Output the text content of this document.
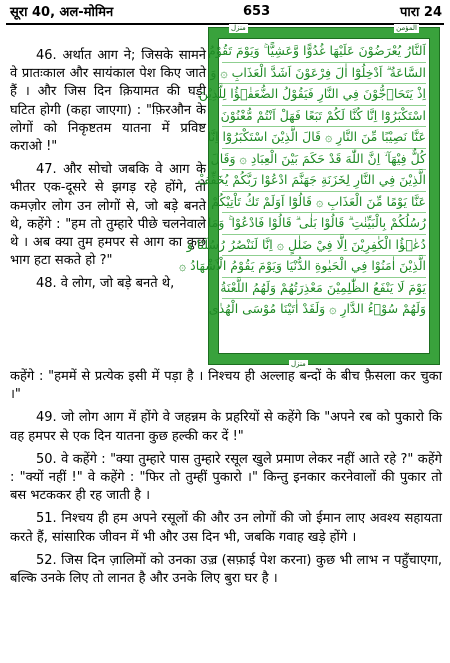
सूरा 40, अल-मोमिन	653	पारा 24

46. अर्थात आग ने; जिसके सामने वे प्रातःकाल और सायंकाल पेश किए जाते हैं । और जिस दिन क़ियामत की घड़ी घटित होगी (कहा जाएगा) : "फ़िरऔन के लोगों को निकृष्टतम यातना में प्रविष्ट कराओ !"

47. और सोचो जबकि वे आग के भीतर एक-दूसरे से झगड़ रहे होंगे, तो कमज़ोर लोग उन लोगों से, जो बड़े बनते थे, कहेंगे : "हम तो तुम्हारे पीछे चलनेवाले थे । अब क्या तुम हमपर से आग का कुछ भाग हटा सकते हो ?"

48. वे लोग, जो बड़े बनते थे,

منزل	المؤمن
اَلنَّارُ يُعْرَضُوْنَ عَلَيْهَا غُدُوًّا وَّعَشِيًّا ۚ وَيَوْمَ تَقُوْمُ
السَّاعَةُ ۗ اَدْخِلُوْٓا اٰلَ فِرْعَوْنَ اَشَدَّ الْعَذَابِ ۞ وَ
اِذْ يَتَحَاۗجُّوْنَ فِي النَّارِ فَيَقُوْلُ الضُّعَفٰۗؤُا لِلَّذِيْنَ
اسْتَكْبَرُوْٓا اِنَّا كُنَّا لَكُمْ تَبَعًا فَهَلْ اَنْتُمْ مُّغْنُوْنَ
عَنَّا نَصِيْبًا مِّنَ النَّارِ ۞ قَالَ الَّذِيْنَ اسْتَكْبَرُوْٓا اِنَّا
كُلٌّ فِيْهَآ ۙ اِنَّ اللّٰهَ قَدْ حَكَمَ بَيْنَ الْعِبَادِ ۞ وَقَالَ
الَّذِيْنَ فِي النَّارِ لِخَزَنَةِ جَهَنَّمَ ادْعُوْا رَبَّكُمْ يُخَفِّفْ
عَنَّا يَوْمًا مِّنَ الْعَذَابِ ۞ قَالُوْٓا اَوَلَمْ تَكُ تَاْتِيْكُمْ
رُسُلُكُمْ بِالْبَيِّنٰتِ ۗ قَالُوْا بَلٰى ۗ قَالُوْا فَادْعُوْا ۚ وَمَا
دُعٰۗؤُا الْكٰفِرِيْنَ اِلَّا فِيْ ضَلٰلٍ ۞ اِنَّا لَنَنْصُرُ رُسُلَنَا وَ
الَّذِيْنَ اٰمَنُوْا فِي الْحَيٰوةِ الدُّنْيَا وَيَوْمَ يَقُوْمُ الْاَشْهَادُ ۞
يَوْمَ لَا يَنْفَعُ الظّٰلِمِيْنَ مَعْذِرَتُهُمْ وَلَهُمُ اللَّعْنَةُ
وَلَهُمْ سُوْۗءُ الدَّارِ ۞ وَلَقَدْ اٰتَيْنَا مُوْسَى الْهُدٰى
منزل

कहेंगे : "हममें से प्रत्येक इसी में पड़ा है । निश्चय ही अल्लाह बन्दों के बीच फ़ैसला कर चुका ।"

49. जो लोग आग में होंगे वे जहन्नम के प्रहरियों से कहेंगे कि "अपने रब को पुकारो कि वह हमपर से एक दिन यातना कुछ हल्की कर दें !"

50. वे कहेंगे : "क्या तुम्हारे पास तुम्हारे रसूल खुले प्रमाण लेकर नहीं आते रहे ?" कहेंगे : "क्यों नहीं !" वे कहेंगे : "फिर तो तुम्हीं पुकारो ।" किन्तु इनकार करनेवालों की पुकार तो बस भटककर ही रह जाती है ।

51. निश्चय ही हम अपने रसूलों की और उन लोगों की जो ईमान लाए अवश्य सहायता करते हैं, सांसारिक जीवन में भी और उस दिन भी, जबकि गवाह खड़े होंगे ।

52. जिस दिन ज़ालिमों को उनका उज़्र (सफ़ाई पेश करना) कुछ भी लाभ न पहुँचाएगा, बल्कि उनके लिए तो लानत है और उनके लिए बुरा घर है ।
